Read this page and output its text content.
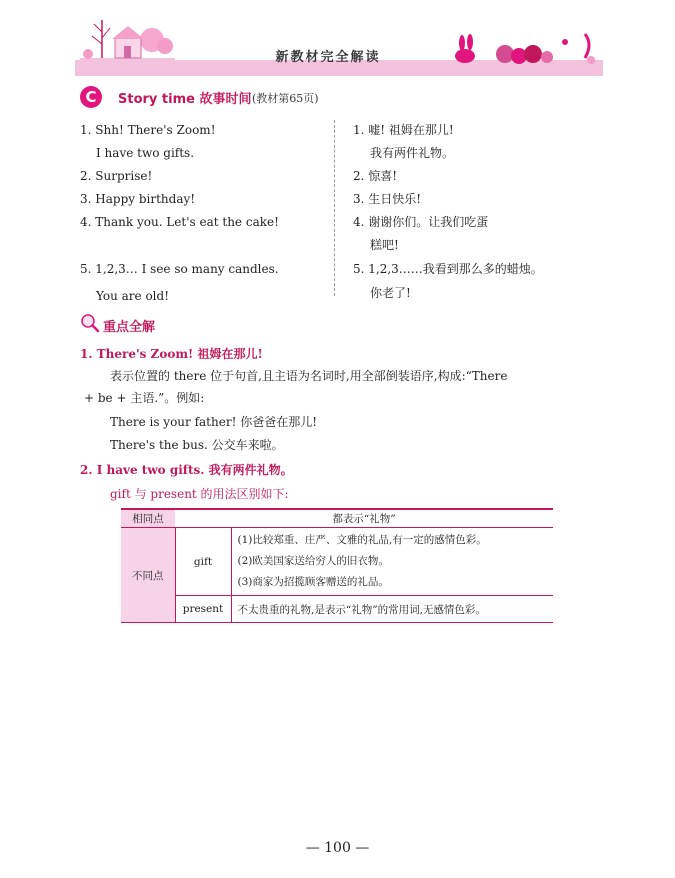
新教材完全解读
C	Story time 故事时间 (教材第65页)
1. Shh! There's Zoom!
I have two gifts.
2. Surprise!
3. Happy birthday!
4. Thank you. Let's eat the cake!
5. 1,2,3… I see so many candles.
You are old!
1. 嘘! 祖姆在那儿!
我有两件礼物。
2. 惊喜!
3. 生日快乐!
4. 谢谢你们。让我们吃蛋
糕吧!
5. 1,2,3……我看到那么多的蜡烛。
你老了!
重点全解
1. There's Zoom! 祖姆在那儿!
表示位置的 there 位于句首,且主语为名词时,用全部倒装语序,构成:“There
+ be + 主语.”。例如:
There is your father! 你爸爸在那儿!
There's the bus. 公交车来啦。
2. I have two gifts. 我有两件礼物。
gift 与 present 的用法区别如下:
相同点	都表示“礼物”	
不同点	gift	(1)比较郑重、庄严、文雅的礼品,有一定的感情色彩。
(2)欧美国家送给穷人的旧衣物。
(3)商家为招揽顾客赠送的礼品。

	present	不太贵重的礼物,是表示“礼物”的常用词,无感情色彩。
— 100 —
